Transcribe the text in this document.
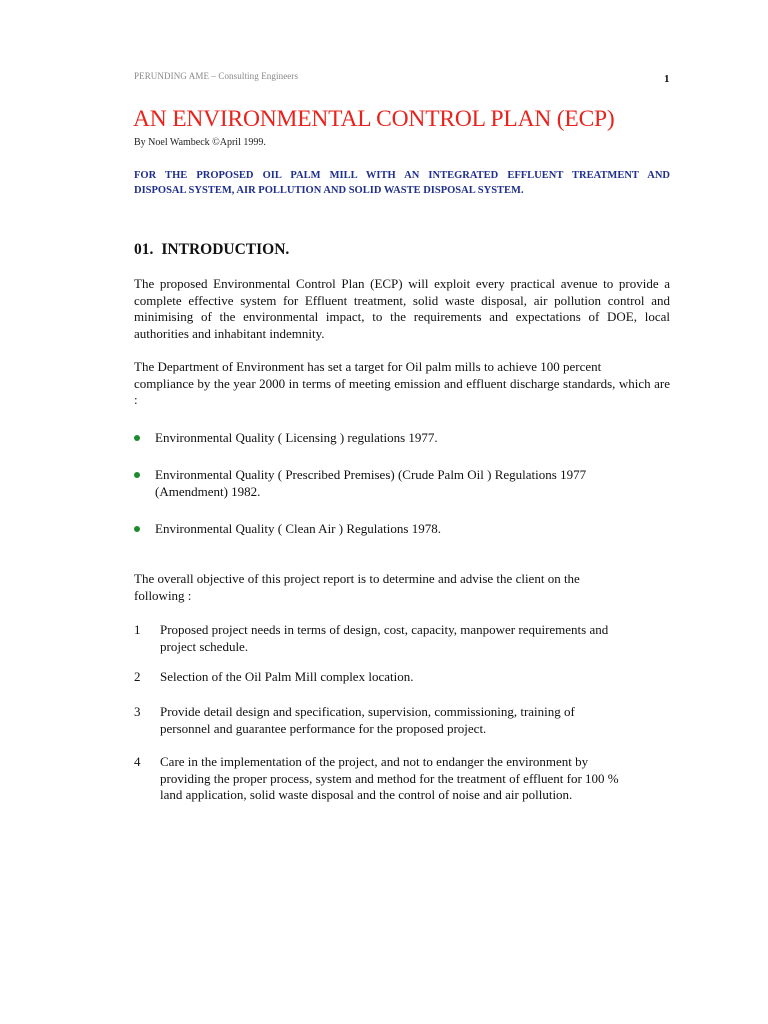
PERUNDING AME – Consulting Engineers	1
AN ENVIRONMENTAL CONTROL PLAN (ECP)
By Noel Wambeck ©April 1999.

FOR THE PROPOSED OIL PALM MILL WITH AN INTEGRATED EFFLUENT TREATMENT AND
DISPOSAL SYSTEM, AIR POLLUTION AND SOLID WASTE DISPOSAL SYSTEM.

01. INTRODUCTION.

The proposed Environmental Control Plan (ECP) will exploit every practical avenue to provide a complete effective system for Effluent treatment, solid waste disposal, air pollution control and minimising of the environmental impact, to the requirements and expectations of DOE, local authorities and inhabitant indemnity.

The Department of Environment has set a target for Oil palm mills to achieve 100 percent
compliance by the year 2000 in terms of meeting emission and effluent discharge standards, which are :
Environmental Quality ( Licensing ) regulations 1977.
Environmental Quality ( Prescribed Premises) (Crude Palm Oil ) Regulations 1977
(Amendment) 1982.
Environmental Quality ( Clean Air ) Regulations 1978.
The overall objective of this project report is to determine and advise the client on the
following :
1 Proposed project needs in terms of design, cost, capacity, manpower requirements and
project schedule.
2 Selection of the Oil Palm Mill complex location.
3 Provide detail design and specification, supervision, commissioning, training of
personnel and guarantee performance for the proposed project.
4 Care in the implementation of the project, and not to endanger the environment by
providing the proper process, system and method for the treatment of effluent for 100 %
land application, solid waste disposal and the control of noise and air pollution.
